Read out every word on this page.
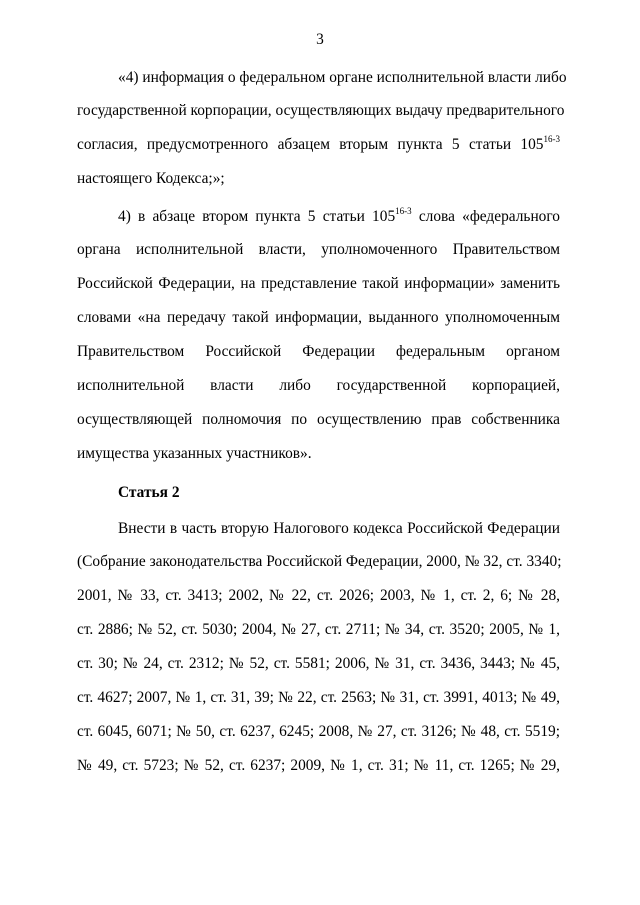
3
«4) информация о федеральном органе исполнительной власти либо
государственной корпорации, осуществляющих выдачу предварительного
согласия, предусмотренного абзацем вторым пункта 5 статьи 105$^{16-3}$
настоящего Кодекса;»;
4) в абзаце втором пункта 5 статьи 105$^{16-3}$ слова «федерального
органа исполнительной власти, уполномоченного Правительством
Российской Федерации, на представление такой информации» заменить
словами «на передачу такой информации, выданного уполномоченным
Правительством Российской Федерации федеральным органом
исполнительной власти либо государственной корпорацией,
осуществляющей полномочия по осуществлению прав собственника
имущества указанных участников».
Статья 2
Внести в часть вторую Налогового кодекса Российской Федерации
(Собрание законодательства Российской Федерации, 2000, № 32, ст. 3340;
2001, № 33, ст. 3413; 2002, № 22, ст. 2026; 2003, № 1, ст. 2, 6; № 28,
ст. 2886; № 52, ст. 5030; 2004, № 27, ст. 2711; № 34, ст. 3520; 2005, № 1,
ст. 30; № 24, ст. 2312; № 52, ст. 5581; 2006, № 31, ст. 3436, 3443; № 45,
ст. 4627; 2007, № 1, ст. 31, 39; № 22, ст. 2563; № 31, ст. 3991, 4013; № 49,
ст. 6045, 6071; № 50, ст. 6237, 6245; 2008, № 27, ст. 3126; № 48, ст. 5519;
№ 49, ст. 5723; № 52, ст. 6237; 2009, № 1, ст. 31; № 11, ст. 1265; № 29,
